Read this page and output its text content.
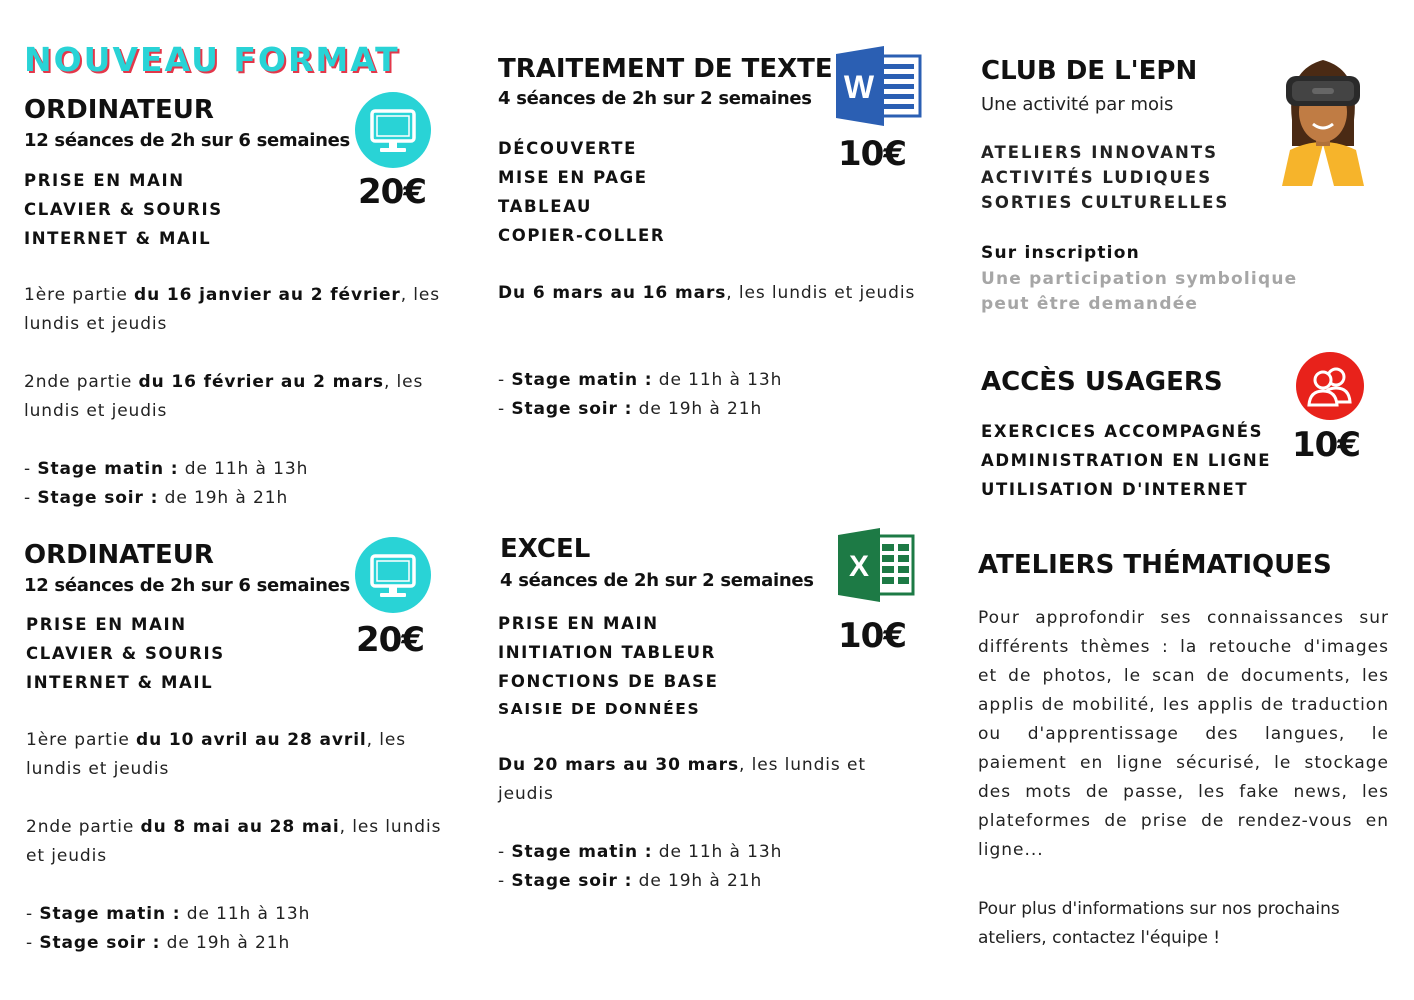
NOUVEAU FORMAT
ORDINATEUR
12 séances de 2h sur 6 semaines
PRISE EN MAIN
CLAVIER & SOURIS
INTERNET & MAIL
20€

1ère partie du 16 janvier au 2 février, les lundis et jeudis

2nde partie du 16 février au 2 mars, les lundis et jeudis

- Stage matin : de 11h à 13h
- Stage soir : de 19h à 21h

ORDINATEUR
12 séances de 2h sur 6 semaines
PRISE EN MAIN
CLAVIER & SOURIS
INTERNET & MAIL
20€

1ère partie du 10 avril au 28 avril, les lundis et jeudis

2nde partie du 8 mai au 28 mai, les lundis et jeudis

- Stage matin : de 11h à 13h
- Stage soir : de 19h à 21h

TRAITEMENT DE TEXTE
4 séances de 2h sur 2 semaines W
DÉCOUVERTE
MISE EN PAGE
TABLEAU
COPIER-COLLER
10€

Du 6 mars au 16 mars, les lundis et jeudis

- Stage matin : de 11h à 13h
- Stage soir : de 19h à 21h

EXCEL
4 séances de 2h sur 2 semaines X
PRISE EN MAIN
INITIATION TABLEUR
FONCTIONS DE BASE
SAISIE DE DONNÉES
10€

Du 20 mars au 30 mars, les lundis et jeudis

- Stage matin : de 11h à 13h
- Stage soir : de 19h à 21h

CLUB DE L'EPN
Une activité par mois
ATELIERS INNOVANTS
ACTIVITÉS LUDIQUES
SORTIES CULTURELLES
Sur inscription
Une participation symbolique
peut être demandée
ACCÈS USAGERS
EXERCICES ACCOMPAGNÉS
ADMINISTRATION EN LIGNE
UTILISATION D'INTERNET
10€
ATELIERS THÉMATIQUES

Pour approfondir ses connaissances sur différents thèmes : la retouche d'images et de photos, le scan de documents, les applis de mobilité, les applis de traduction ou d'apprentissage des langues, le paiement en ligne sécurisé, le stockage des mots de passe, les fake news, les plateformes de prise de rendez-vous en ligne...

Pour plus d'informations sur nos prochains ateliers, contactez l'équipe !
